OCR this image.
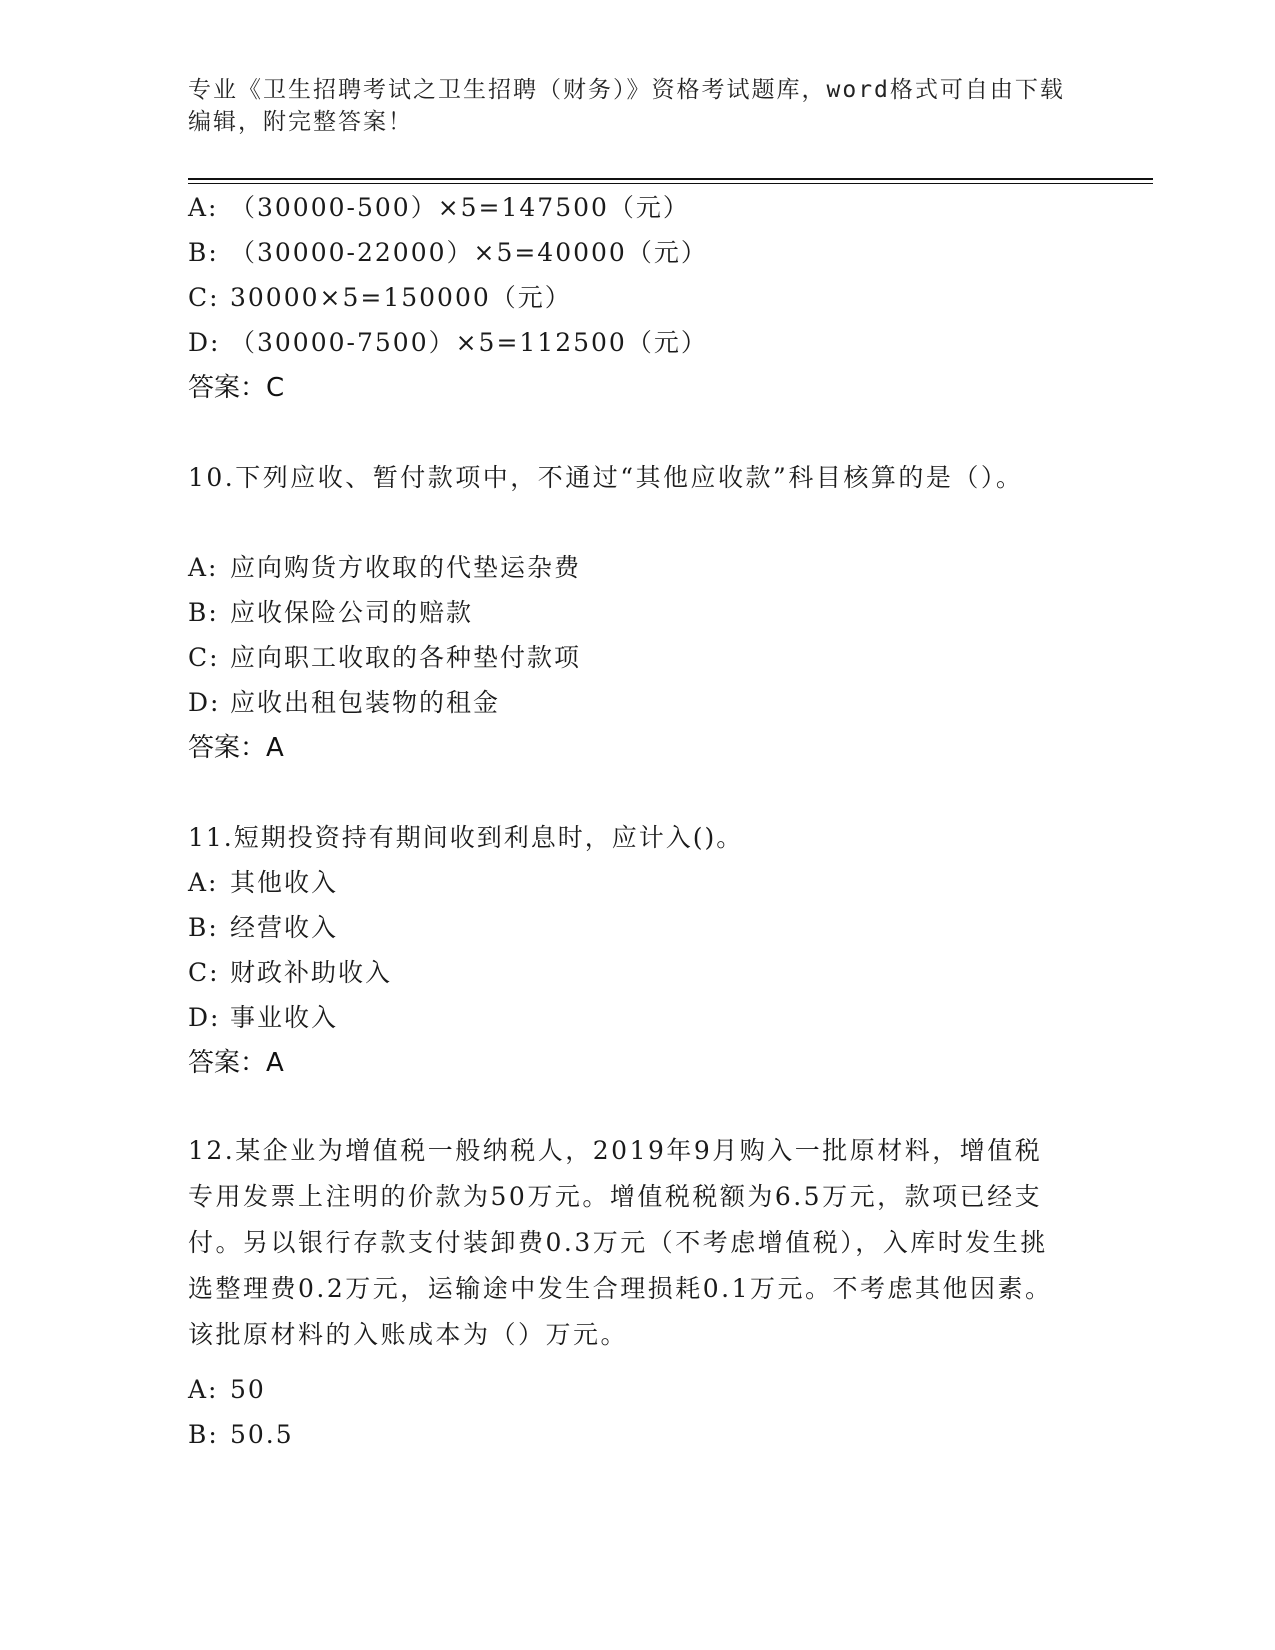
专业《卫生招聘考试之卫生招聘（财务）》资格考试题库，word格式可自由下载编辑，附完整答案！
A: （30000-500）×5=147500（元）
B: （30000-22000）×5=40000（元）
C: 30000×5=150000（元）
D: （30000-7500）×5=112500（元）
答案：C
10.下列应收、暂付款项中，不通过“其他应收款”科目核算的是（）。
A: 应向购货方收取的代垫运杂费
B: 应收保险公司的赔款
C: 应向职工收取的各种垫付款项
D: 应收出租包装物的租金
答案：A
11.短期投资持有期间收到利息时，应计入()。
A: 其他收入
B: 经营收入
C: 财政补助收入
D: 事业收入
答案：A
12.某企业为增值税一般纳税人，2019年9月购入一批原材料，增值税专用发票上注明的价款为50万元。增值税税额为6.5万元，款项已经支付。另以银行存款支付装卸费0.3万元（不考虑增值税），入库时发生挑选整理费0.2万元，运输途中发生合理损耗0.1万元。不考虑其他因素。该批原材料的入账成本为（）万元。
A: 50
B: 50.5
